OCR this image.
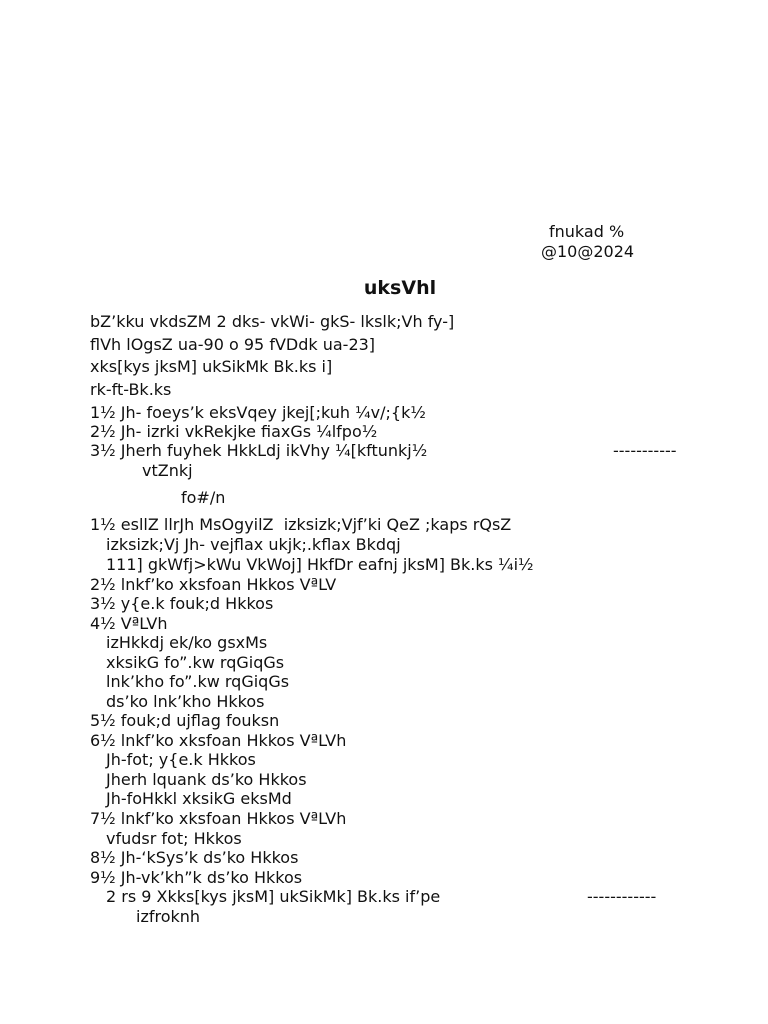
fnukad %
@10@2024
uksVhl
bZ’kku vkdsZM 2 dks- vkWi- gkS- lkslk;Vh fy-]
flVh lOgsZ ua-90 o 95 fVDdk ua-23]
xks[kys jksM] ukSikMk Bk.ks i]
rk-ft-Bk.ks
1½ Jh- foeys’k eksVqey jkej[;kuh ¼v/;{k½
2½ Jh- izrki vkRekjke fiaxGs ¼lfpo½
3½ Jherh fuyhek HkkLdj ikVhy ¼[kftunkj½	-----------
vtZnkj
fo#/n
1½ esllZ llrJh MsOgyilZ  izksizk;Vjf’ki QeZ ;kaps rQsZ
izksizk;Vj Jh- vejflax ukjk;.kflax Bkdqj
111] gkWfj>kWu VkWoj] HkfDr eafnj jksM] Bk.ks ¼i½
2½ lnkf’ko xksfoan Hkkos VªLV
3½ y{e.k fouk;d Hkkos
4½ VªLVh
izHkkdj ek/ko gsxMs
xksikG fo”.kw rqGiqGs
lnk’kho fo”.kw rqGiqGs
ds’ko lnk’kho Hkkos
5½ fouk;d ujflag fouksn
6½ lnkf’ko xksfoan Hkkos VªLVh
Jh-fot; y{e.k Hkkos
Jherh lquank ds’ko Hkkos
Jh-foHkkl xksikG eksMd
7½ lnkf’ko xksfoan Hkkos VªLVh
vfudsr fot; Hkkos
8½ Jh-‘kSys’k ds’ko Hkkos
9½ Jh-vk’kh”k ds’ko Hkkos
2 rs 9 Xkks[kys jksM] ukSikMk] Bk.ks if’pe	------------
izfroknh
